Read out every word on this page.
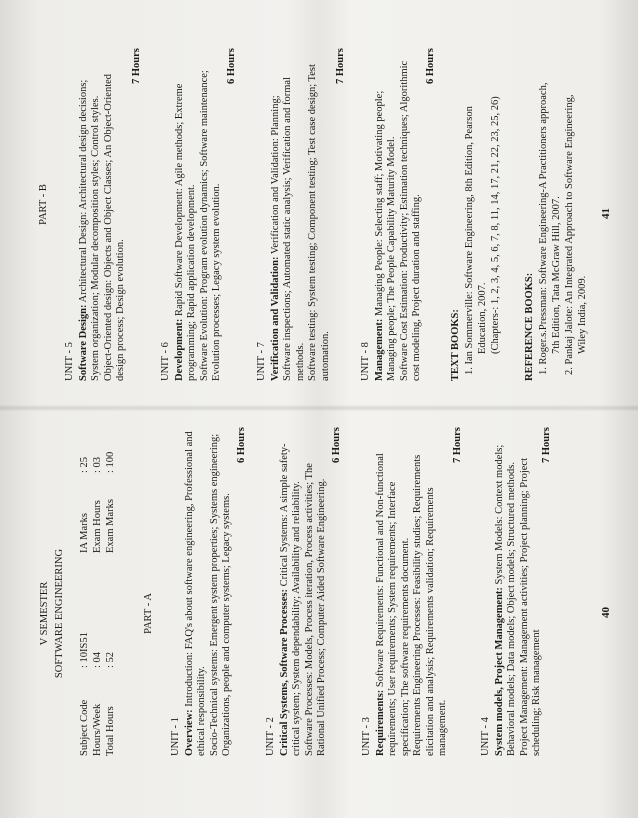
V SEMESTER SOFTWARE ENGINEERING
Subject Code
: 10IS51
Hours/Week
: 04
Total Hours
: 52
IA Marks
: 25
Exam Hours
: 03
Exam Marks
: 100
PART - A
UNIT - 1 Overview: Introduction: FAQ's about software engineering, Professional and
ethical responsibility. Socio-Technical systems: Emergent system properties; Systems engineering; Organizations, people and computer systems; Legacy systems.
6 Hours
UNIT - 2 Critical Systems, Software Processes: Critical Systems: A simple safety- critical system; System dependability; Availability and reliability. Software Processes: Models, Process iteration, Process activities; The Rational Unified Process; Computer Aided Software Engineering.
6 Hours
UNIT - 3 Requirements: Software Requirements: Functional and Non-functional requirements; User requirements; System requirements; Interface specification; The software requirements document. Requirements Engineering Processes: Feasibility studies; Requirements elicitation and analysis; Requirements validation; Requirements management.
7 Hours
UNIT - 4 System models, Project Management: System Models: Context models; Behavioral models; Data models; Object models; Structured methods. Project Management: Management activities; Project planning; Project scheduling; Risk management
7 Hours
40
PART - B
UNIT - 5 Software Design: Architectural Design: Architectural design decisions; System organization; Modular decomposition styles; Control styles. Object-Oriented design: Objects and Object Classes; An Object-Oriented design process; Design evolution.
7 Hours
UNIT - 6 Development: Rapid Software Development: Agile methods; Extreme programming; Rapid application development. Software Evolution: Program evolution dynamics; Software maintenance; Evolution processes; Legacy system evolution.
6 Hours
UNIT - 7 Verification and Validation: Verification and Validation: Planning; Software inspections; Automated static analysis; Verification and formal methods. Software testing: System testing; Component testing; Test case design; Test automation.
7 Hours
UNIT - 8 Management: Managing People: Selecting staff; Motivating people; Managing people; The People Capability Maturity Model. Software Cost Estimation: Productivity; Estimation techniques; Algorithmic cost modeling, Project duration and staffing.
6 Hours
TEXT BOOKS: 1. Ian Sommerville: Software Engineering, 8th Edition, Pearson Education, 2007. (Chapters-: 1, 2, 3, 4, 5, 6, 7, 8, 11, 14, 17, 21, 22, 23, 25, 26) REFERENCE BOOKS: 1. Roger.s.Pressman: Software Engineering-A Practitioners approach, 7th Edition, Tata McGraw Hill, 2007. 2. Pankaj Jalote: An Integrated Approach to Software Engineering, Wiley India, 2009.
41
